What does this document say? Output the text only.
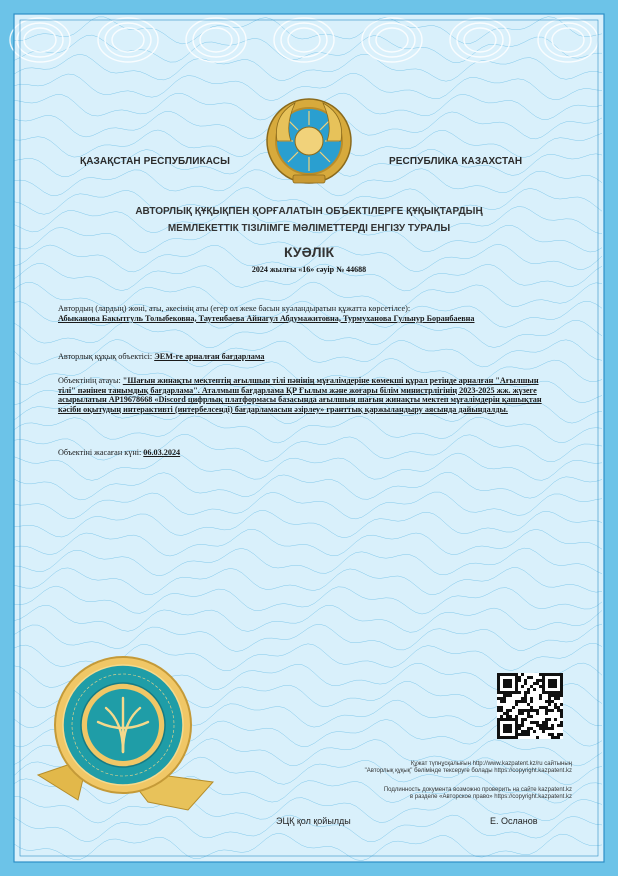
ҚАЗАҚСТАН РЕСПУБЛИКАСЫ	РЕСПУБЛИКА КАЗАХСТАН
АВТОРЛЫҚ ҚҰҚЫҚПЕН ҚОРҒАЛАТЫН ОБЪЕКТІЛЕРГЕ ҚҰҚЫҚТАРДЫҢ
МЕМЛЕКЕТТІК ТІЗІЛІМГЕ МӘЛІМЕТТЕРДІ ЕНГІЗУ ТУРАЛЫ
КУӘЛІК
2024 жылғы «16» сәуір № 44688
Автордың (лардың) жөні, аты, әкесінің аты (егер ол жеке басын куәландыратын құжатта көрсетілсе):
Абыканова Бакытгуль Толыбековна, Таутенбаева Айнагул Абдумажитовна, Турмуханова Гульнур Боранбаевна
Авторлық құқық объектісі: ЭЕМ-ге арналған бағдарлама
Объектінің атауы: "Шағын жинақты мектептің ағылшын тілі пәнінің мұғалімдеріне көмекші құрал ретінде арналған "Ағылшын тілі" пәнінен танымдық бағдарлама". Аталмыш бағдарлама ҚР Ғылым және жоғары білім министрлігінің 2023-2025 жж. жүзеге асырылатын AP19678668 «Discord цифрлық платформасы базасында ағылшын шағын жинақты мектеп мұғалімдерін қашықтан кәсіби оқытудың интерактивті (интербелсенді) бағдарламасын әзірлеу» гранттық қаржыландыру аясында дайындалды.
Объектіні жасаған күні: 06.03.2024
Құжат түпнұсқалығын http://www.kazpatent.kz/ru сайтының
"Авторлық құқық" бөлімінде тексеруге болады https://copyright.kazpatent.kz
Подлинность документа возможно проверить на сайте kazpatent.kz
в разделе «Авторское право» https://copyright.kazpatent.kz
ЭЦҚ қол қойылды	Е. Осланов
